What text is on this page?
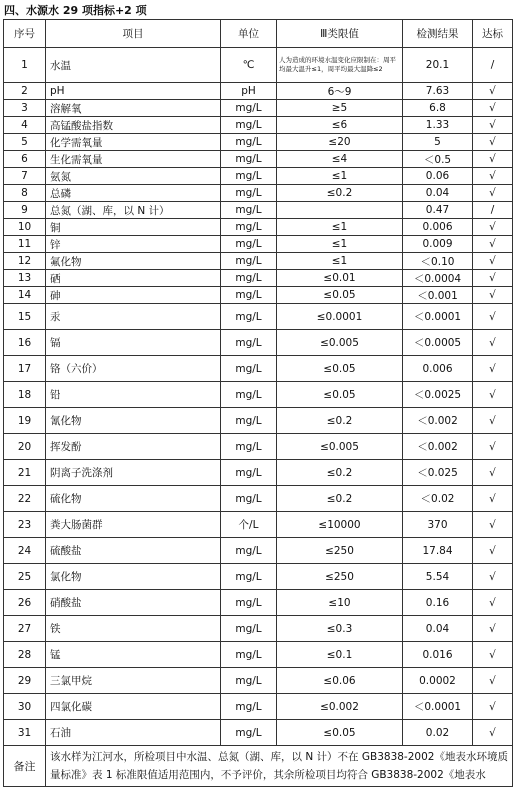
四、水源水 29 项指标+2 项
序号	项目	单位	Ⅲ类限值	检测结果	达标
1	水温	℃	人为造成的环境水温变化应限制在：周平均最大温升≤1，周平均最大温降≤2	20.1	/
2	pH	pH	6～9	7.63	√
3	溶解氧	mg/L	≥5	6.8	√
4	高锰酸盐指数	mg/L	≤6	1.33	√
5	化学需氧量	mg/L	≤20	5	√
6	生化需氧量	mg/L	≤4	＜0.5	√
7	氨氮	mg/L	≤1	0.06	√
8	总磷	mg/L	≤0.2	0.04	√
9	总氮（湖、库，以 N 计）	mg/L		0.47	/
10	铜	mg/L	≤1	0.006	√
11	锌	mg/L	≤1	0.009	√
12	氟化物	mg/L	≤1	＜0.10	√
13	硒	mg/L	≤0.01	＜0.0004	√
14	砷	mg/L	≤0.05	＜0.001	√
15	汞	mg/L	≤0.0001	＜0.0001	√
16	镉	mg/L	≤0.005	＜0.0005	√
17	铬（六价）	mg/L	≤0.05	0.006	√
18	铅	mg/L	≤0.05	＜0.0025	√
19	氰化物	mg/L	≤0.2	＜0.002	√
20	挥发酚	mg/L	≤0.005	＜0.002	√
21	阴离子洗涤剂	mg/L	≤0.2	＜0.025	√
22	硫化物	mg/L	≤0.2	＜0.02	√
23	粪大肠菌群	个/L	≤10000	370	√
24	硫酸盐	mg/L	≤250	17.84	√
25	氯化物	mg/L	≤250	5.54	√
26	硝酸盐	mg/L	≤10	0.16	√
27	铁	mg/L	≤0.3	0.04	√
28	锰	mg/L	≤0.1	0.016	√
29	三氯甲烷	mg/L	≤0.06	0.0002	√
30	四氯化碳	mg/L	≤0.002	＜0.0001	√
31	石油	mg/L	≤0.05	0.02	√
备注	该水样为江河水，所检项目中水温、总氮（湖、库，以 N 计）不在 GB3838-2002《地表水环境质量标准》表 1 标准限值适用范围内，不予评价，其余所检项目均符合 GB3838-2002《地表水				
